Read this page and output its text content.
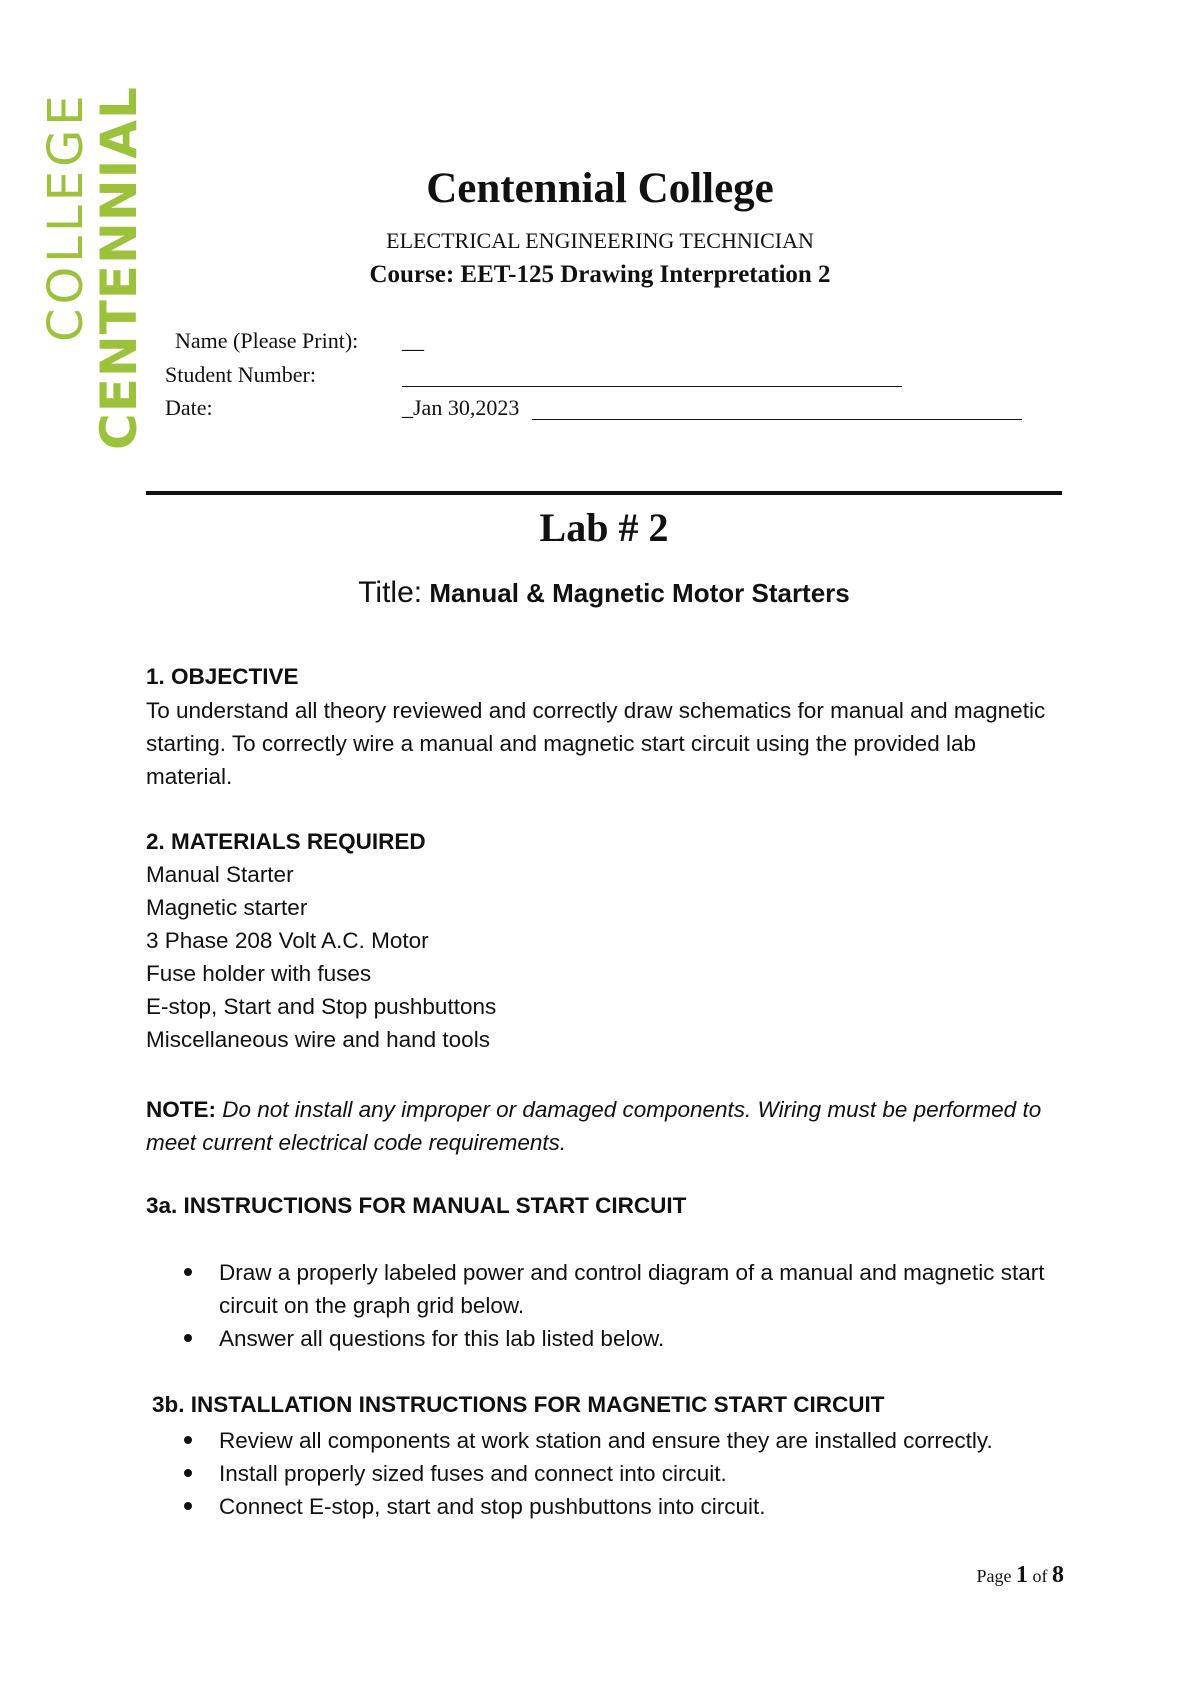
CENTENNIAL
COLLEGE	Centennial College
ELECTRICAL ENGINEERING TECHNICIAN
Course: EET-125 Drawing Interpretation 2
Name (Please Print): __
Student Number:
Date:	_Jan 30,2023
Lab # 2
Title: Manual & Magnetic Motor Starters
1. OBJECTIVE
To understand all theory reviewed and correctly draw schematics for manual and magnetic starting. To correctly wire a manual and magnetic start circuit using the provided lab material.
2. MATERIALS REQUIRED
Manual Starter
Magnetic starter
3 Phase 208 Volt A.C. Motor
Fuse holder with fuses
E-stop, Start and Stop pushbuttons
Miscellaneous wire and hand tools
NOTE: Do not install any improper or damaged components. Wiring must be performed to meet current electrical code requirements.
3a. INSTRUCTIONS FOR MANUAL START CIRCUIT
Draw a properly labeled power and control diagram of a manual and magnetic start circuit on the graph grid below.
Answer all questions for this lab listed below.
3b. INSTALLATION INSTRUCTIONS FOR MAGNETIC START CIRCUIT
Review all components at work station and ensure they are installed correctly.
Install properly sized fuses and connect into circuit.
Connect E-stop, start and stop pushbuttons into circuit.
Page 1 of 8
